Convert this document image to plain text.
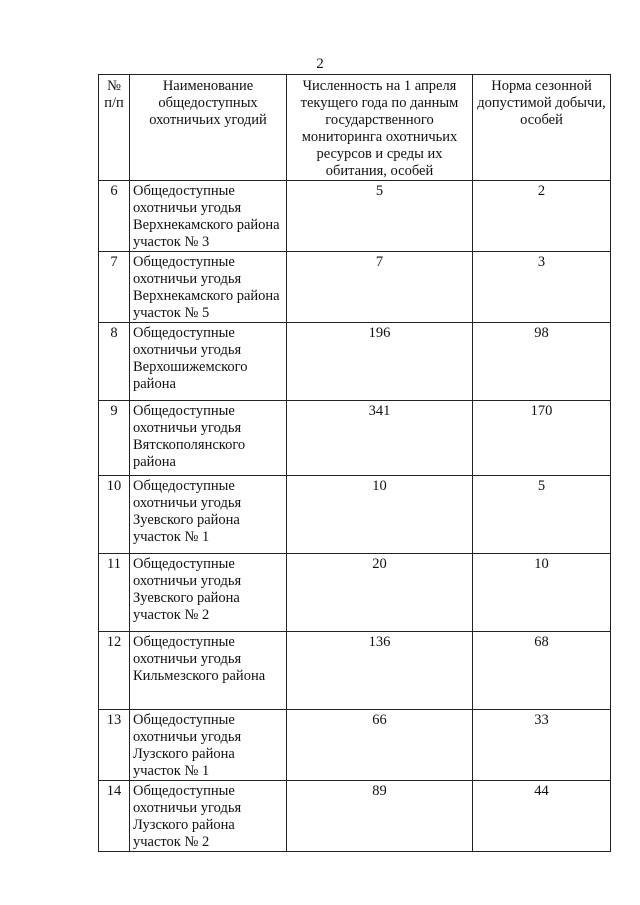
2
№ п/п	Наименование общедоступных охотничьих угодий	Численность на 1 апреля текущего года по данным государственного мониторинга охотничьих ресурсов и среды их обитания, особей	Норма сезонной допустимой добычи, особей
6	Общедоступные охотничьи угодья Верхнекамского района участок № 3	5	2
7	Общедоступные охотничьи угодья Верхнекамского района участок № 5	7	3
8	Общедоступные охотничьи угодья Верхошижемского района	196	98
9	Общедоступные охотничьи угодья Вятскополянского района	341	170
10	Общедоступные охотничьи угодья Зуевского района участок № 1	10	5
11	Общедоступные охотничьи угодья Зуевского района участок № 2	20	10
12	Общедоступные охотничьи угодья Кильмезского района	136	68
13	Общедоступные охотничьи угодья Лузского района участок № 1	66	33
14	Общедоступные охотничьи угодья Лузского района участок № 2	89	44
